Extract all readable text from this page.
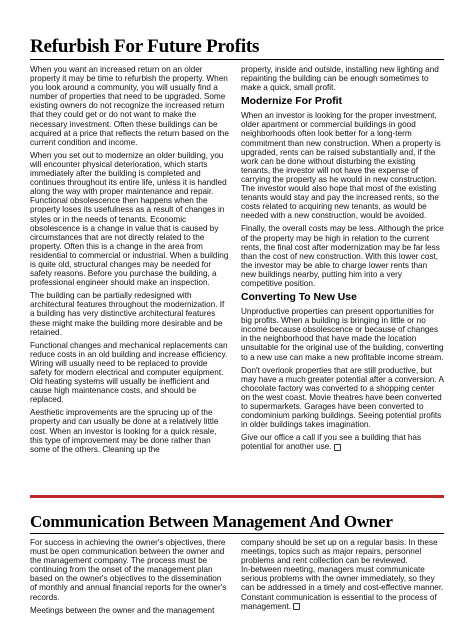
Refurbish For Future Profits

When you want an increased return on an older property it may be time to refurbish the property. When you look around a community, you will usually find a number of properties that need to be upgraded. Some existing owners do not recognize the increased return that they could get or do not want to make the necessary investment. Often these buildings can be acquired at a price that reflects the return based on the current condition and income.

When you set out to modernize an older building, you will encounter physical deterioration, which starts immediately after the building is completed and continues throughout its entire life, unless it is handled along the way with proper maintenance and repair. Functional obsolescence then happens when the property loses its usefulness as a result of changes in styles or in the needs of tenants. Economic obsolescence is a change in value that is caused by circumstances that are not directly related to the property. Often this is a change in the area from residential to commercial or industrial. When a building is quite old, structural changes may be needed for safety reasons. Before you purchase the building, a professional engineer should make an inspection.

The building can be partially redesigned with architectural features throughout the modernization. If a building has very distinctive architectural features these might make the building more desirable and be retained.

Functional changes and mechanical replacements can reduce costs in an old building and increase efficiency. Wiring will usually need to be replaced to provide safety for modern electrical and computer equipment. Old heating systems will usually be inefficient and cause high maintenance costs, and should be replaced.

Aesthetic improvements are the sprucing up of the property and can usually be done at a relatively little cost. When an investor is looking for a quick resale, this type of improvement may be done rather than some of the others. Cleaning up the

property, inside and outside, installing new lighting and repainting the building can be enough sometimes to make a quick, small profit.

Modernize For Profit

When an investor is looking for the proper investment, older apartment or commercial buildings in good neighborhoods often look better for a long-term commitment than new construction. When a property is upgraded, rents can be raised substantially and, if the work can be done without disturbing the existing tenants, the investor will not have the expense of carrying the property as he would in new construction. The investor would also hope that most of the existing tenants would stay and pay the increased rents, so the costs related to acquiring new tenants, as would be needed with a new construction, would be avoided.

Finally, the overall costs may be less. Although the price of the property may be high in relation to the current rents, the final cost after modernization may be far less than the cost of new construction. With this lower cost, the investor may be able to charge lower rents than new buildings nearby, putting him into a very competitive position.

Converting To New Use

Unproductive properties can present opportunities for big profits. When a building is bringing in little or no income because obsolescence or because of changes in the neighborhood that have made the location unsuitable for the original use of the building, converting to a new use can make a new profitable income stream.

Don't overlook properties that are still productive, but may have a much greater potential after a conversion. A chocolate factory was converted to a shopping center on the west coast. Movie theatres have been converted to supermarkets. Garages have been converted to condominium parking buildings. Seeing potential profits in older buildings takes imagination.

Give our office a call if you see a building that has potential for another use.

Communication Between Management And Owner

For success in achieving the owner's objectives, there must be open communication between the owner and the management company. The process must be continuing from the onset of the management plan based on the owner's objectives to the dissemination of monthly and annual financial reports for the owner's records.

Meetings between the owner and the management

company should be set up on a regular basis. In these meetings, topics such as major repairs, personnel problems and rent collection can be reviewed.

In-between meeting, managers must communicate serious problems with the owner immediately, so they can be addressed in a timely and cost-effective manner. Constant communication is essential to the process of management.
